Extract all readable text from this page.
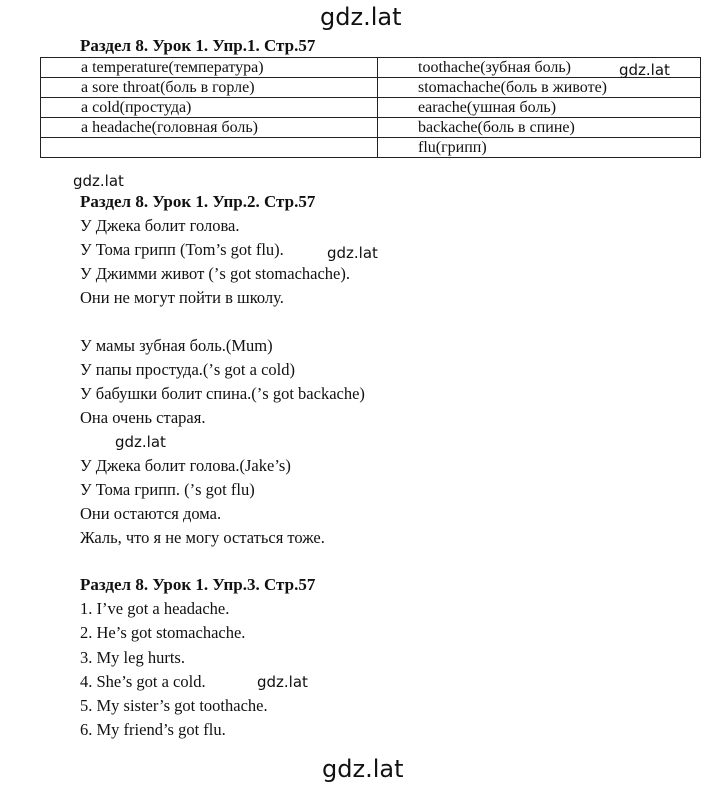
gdz.lat
Раздел 8. Урок 1. Упр.1. Стр.57
a temperature(температура)	toothache(зубная боль)
a sore throat(боль в горле)	stomachache(боль в животе)
a cold(простуда)	earache(ушная боль)
a headache(головная боль)	backache(боль в спине)
	flu(грипп)
gdz.lat
gdz.lat
Раздел 8. Урок 1. Упр.2. Стр.57
У Джека болит голова.
У Тома грипп (Tom’s got flu).	gdz.lat
У Джимми живот (’s got stomachache).
Они не могут пойти в школу.
У мамы зубная боль.(Mum)
У папы простуда.(’s got a cold)
У бабушки болит спина.(’s got backache)
Она очень старая.
gdz.lat
У Джека болит голова.(Jake’s)
У Тома грипп. (’s got flu)
Они остаются дома.
Жаль, что я не могу остаться тоже.
Раздел 8. Урок 1. Упр.3. Стр.57
1. I’ve got a headache.
2. He’s got stomachache.
3. My leg hurts.
4. She’s got a cold.	gdz.lat
5. My sister’s got toothache.
6. My friend’s got flu.
gdz.lat
